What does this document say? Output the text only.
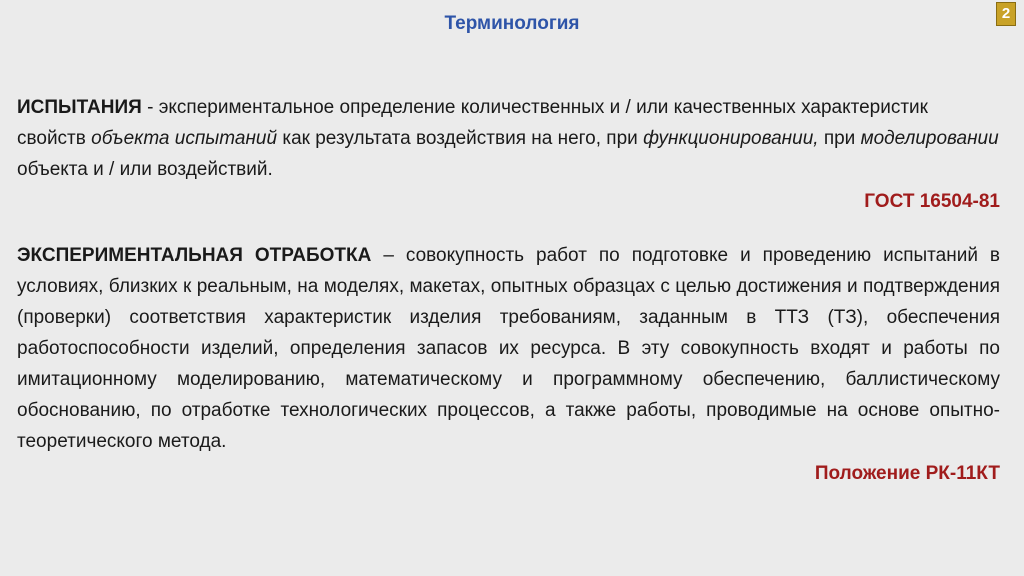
Терминология	2

ИСПЫТАНИЯ - экспериментальное определение количественных и / или качественных характеристик свойств объекта испытаний как результата воздействия на него, при функционировании, при моделировании объекта и / или воздействий.

ГОСТ 16504-81

ЭКСПЕРИМЕНТАЛЬНАЯ ОТРАБОТКА – совокупность работ по подготовке и проведению испытаний в условиях, близких к реальным, на моделях, макетах, опытных образцах с целью достижения и подтверждения (проверки) соответствия характеристик изделия требованиям, заданным в ТТЗ (ТЗ), обеспечения работоспособности изделий, определения запасов их ресурса. В эту совокупность входят и работы по имитационному моделированию, математическому и программному обеспечению, баллистическому обоснованию, по отработке технологических процессов, а также работы, проводимые на основе опытно-теоретического метода.

Положение РК-11КТ
